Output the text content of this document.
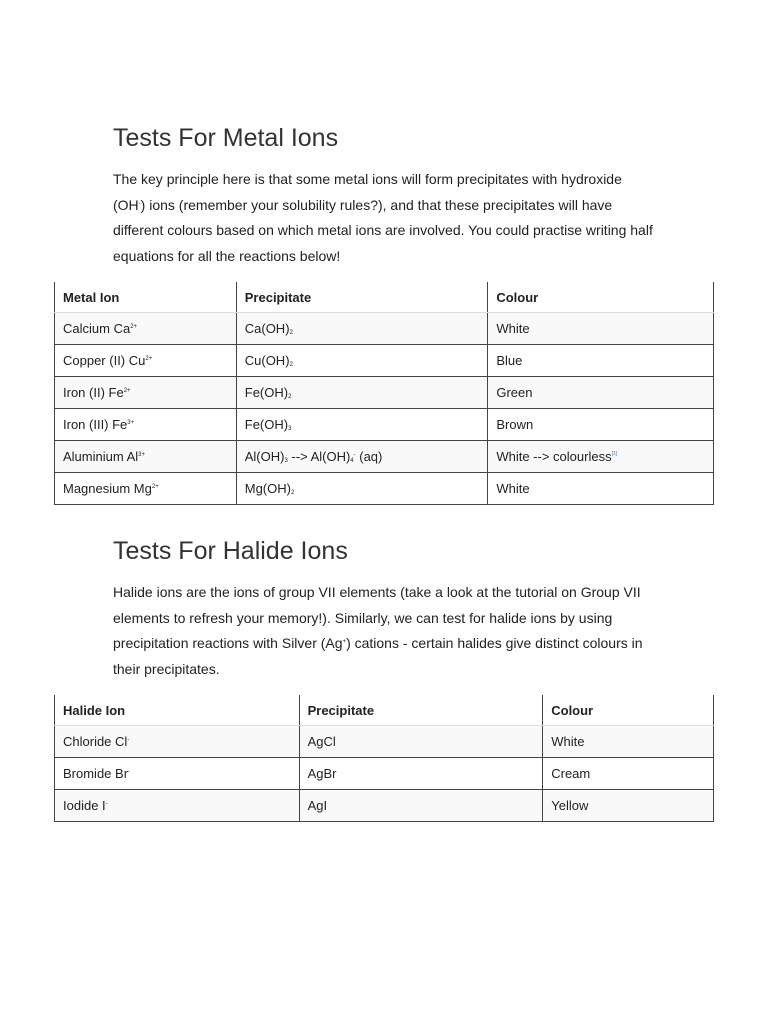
Tests For Metal Ions

The key principle here is that some metal ions will form precipitates with hydroxide (OH-) ions (remember your solubility rules?), and that these precipitates will have different colours based on which metal ions are involved. You could practise writing half equations for all the reactions below!

Metal Ion	Precipitate	Colour
Calcium $Ca^{2+}$	$Ca(OH)_2$	White
Copper (II) $Cu^{2+}$	$Cu(OH)_2$	Blue
Iron (II) $Fe^{2+}$	$Fe(OH)_2$	Green
Iron (III) $Fe^{3+}$	$Fe(OH)_3$	Brown
Aluminium $Al^{3+}$	$Al(OH)_3$ --> $Al(OH)_4^-$ (aq)	White --> colourless[1]
Magnesium $Mg^{2+}$	$Mg(OH)_2$	White
Tests For Halide Ions

Halide ions are the ions of group VII elements (take a look at the tutorial on Group VII elements to refresh your memory!). Similarly, we can test for halide ions by using precipitation reactions with Silver (Ag+) cations - certain halides give distinct colours in their precipitates.

Halide Ion	Precipitate	Colour
Chloride Cl-	AgCl	White
Bromide Br-	AgBr	Cream
Iodide I-	AgI	Yellow
